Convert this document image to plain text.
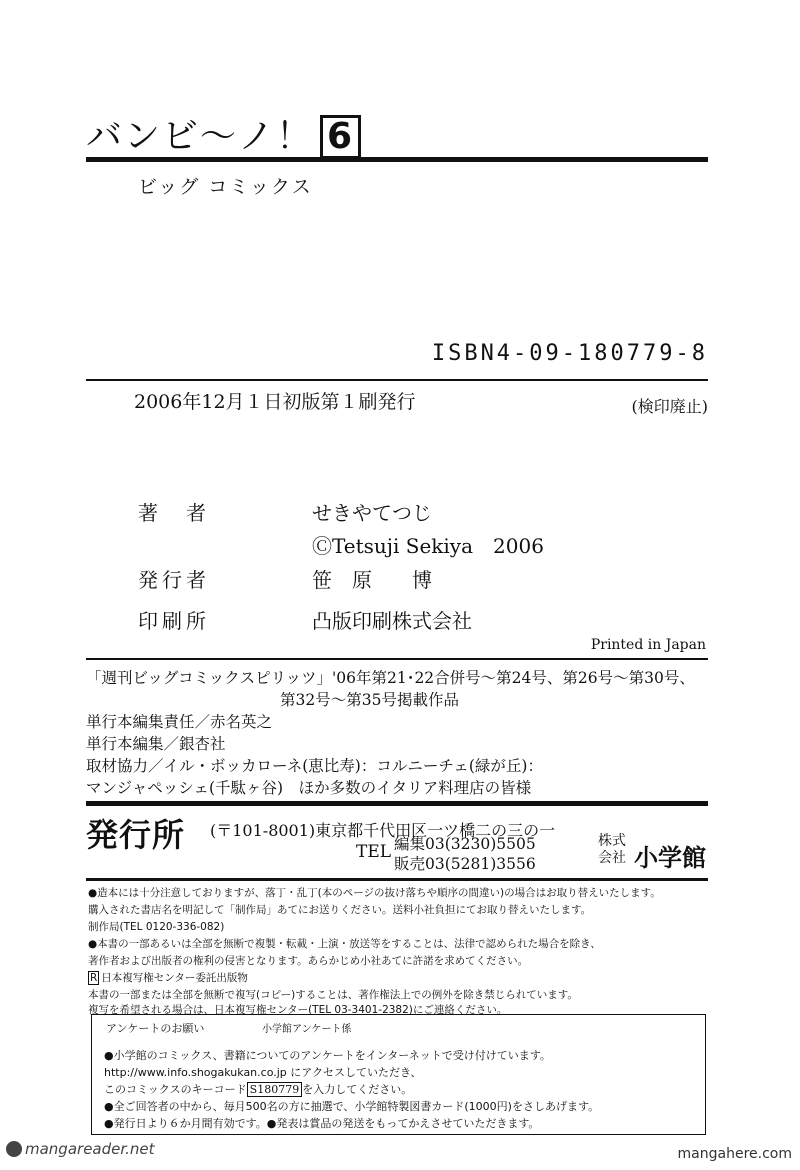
バンビ～ノ！ 6
ビッグ コミックス
ISBN4-09-180779-8
2006年12月１日初版第１刷発行	(検印廃止)
著　者	せきやてつじ
ⒸTetsuji Sekiya　2006
発行者	笹　原　　博
印刷所	凸版印刷株式会社
Printed in Japan
「週刊ビッグコミックスピリッツ」'06年第21･22合併号～第24号、第26号～第30号、
第32号～第35号掲載作品
単行本編集責任／赤名英之
単行本編集／銀杏社
取材協力／イル・ボッカローネ(恵比寿)：コルニーチェ(緑が丘)：
マンジャペッシェ(千駄ヶ谷)　ほか多数のイタリア料理店の皆様
発行所 (〒101-8001)東京都千代田区一ツ橋二の三の一
TEL 編集03(3230)5505
販売03(5281)3556
株式
会社 小学館
●造本には十分注意しておりますが、落丁・乱丁(本のページの抜け落ちや順序の間違い)の場合はお取り替えいたします。
購入された書店名を明記して「制作局」あてにお送りください。送料小社負担にてお取り替えいたします。
制作局(TEL 0120-336-082)
●本書の一部あるいは全部を無断で複製・転載・上演・放送等をすることは、法律で認められた場合を除き、
著作者および出版者の権利の侵害となります。あらかじめ小社あてに許諾を求めてください。
R 日本複写権センター委託出版物
本書の一部または全部を無断で複写(コピー)することは、著作権法上での例外を除き禁じられています。
複写を希望される場合は、日本複写権センター(TEL 03-3401-2382)にご連絡ください。
アンケートのお願い	小学館アンケート係
●小学館のコミックス、書籍についてのアンケートをインターネットで受け付けています。
http://www.info.shogakukan.co.jp にアクセスしていただき、
このコミックスのキーコード S180779 を入力してください。
●全ご回答者の中から、毎月500名の方に抽選で、小学館特製図書カード(1000円)をさしあげます。
●発行日より６か月間有効です。●発表は賞品の発送をもってかえさせていただきます。
mangareader.net	mangahere.com
